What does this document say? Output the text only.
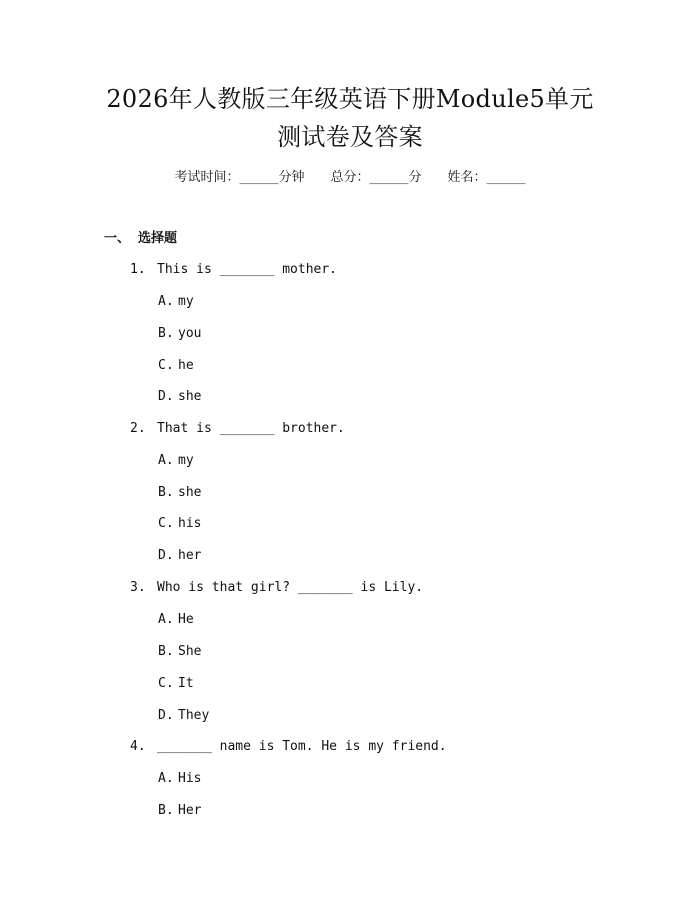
2026年人教版三年级英语下册Module5单元
测试卷及答案
考试时间：______分钟 总分：______分 姓名：______
一、 选择题
1. This is _______ mother.
A. my
B. you
C. he
D. she
2. That is _______ brother.
A. my
B. she
C. his
D. her
3. Who is that girl? _______ is Lily.
A. He
B. She
C. It
D. They
4. _______ name is Tom. He is my friend.
A. His
B. Her
